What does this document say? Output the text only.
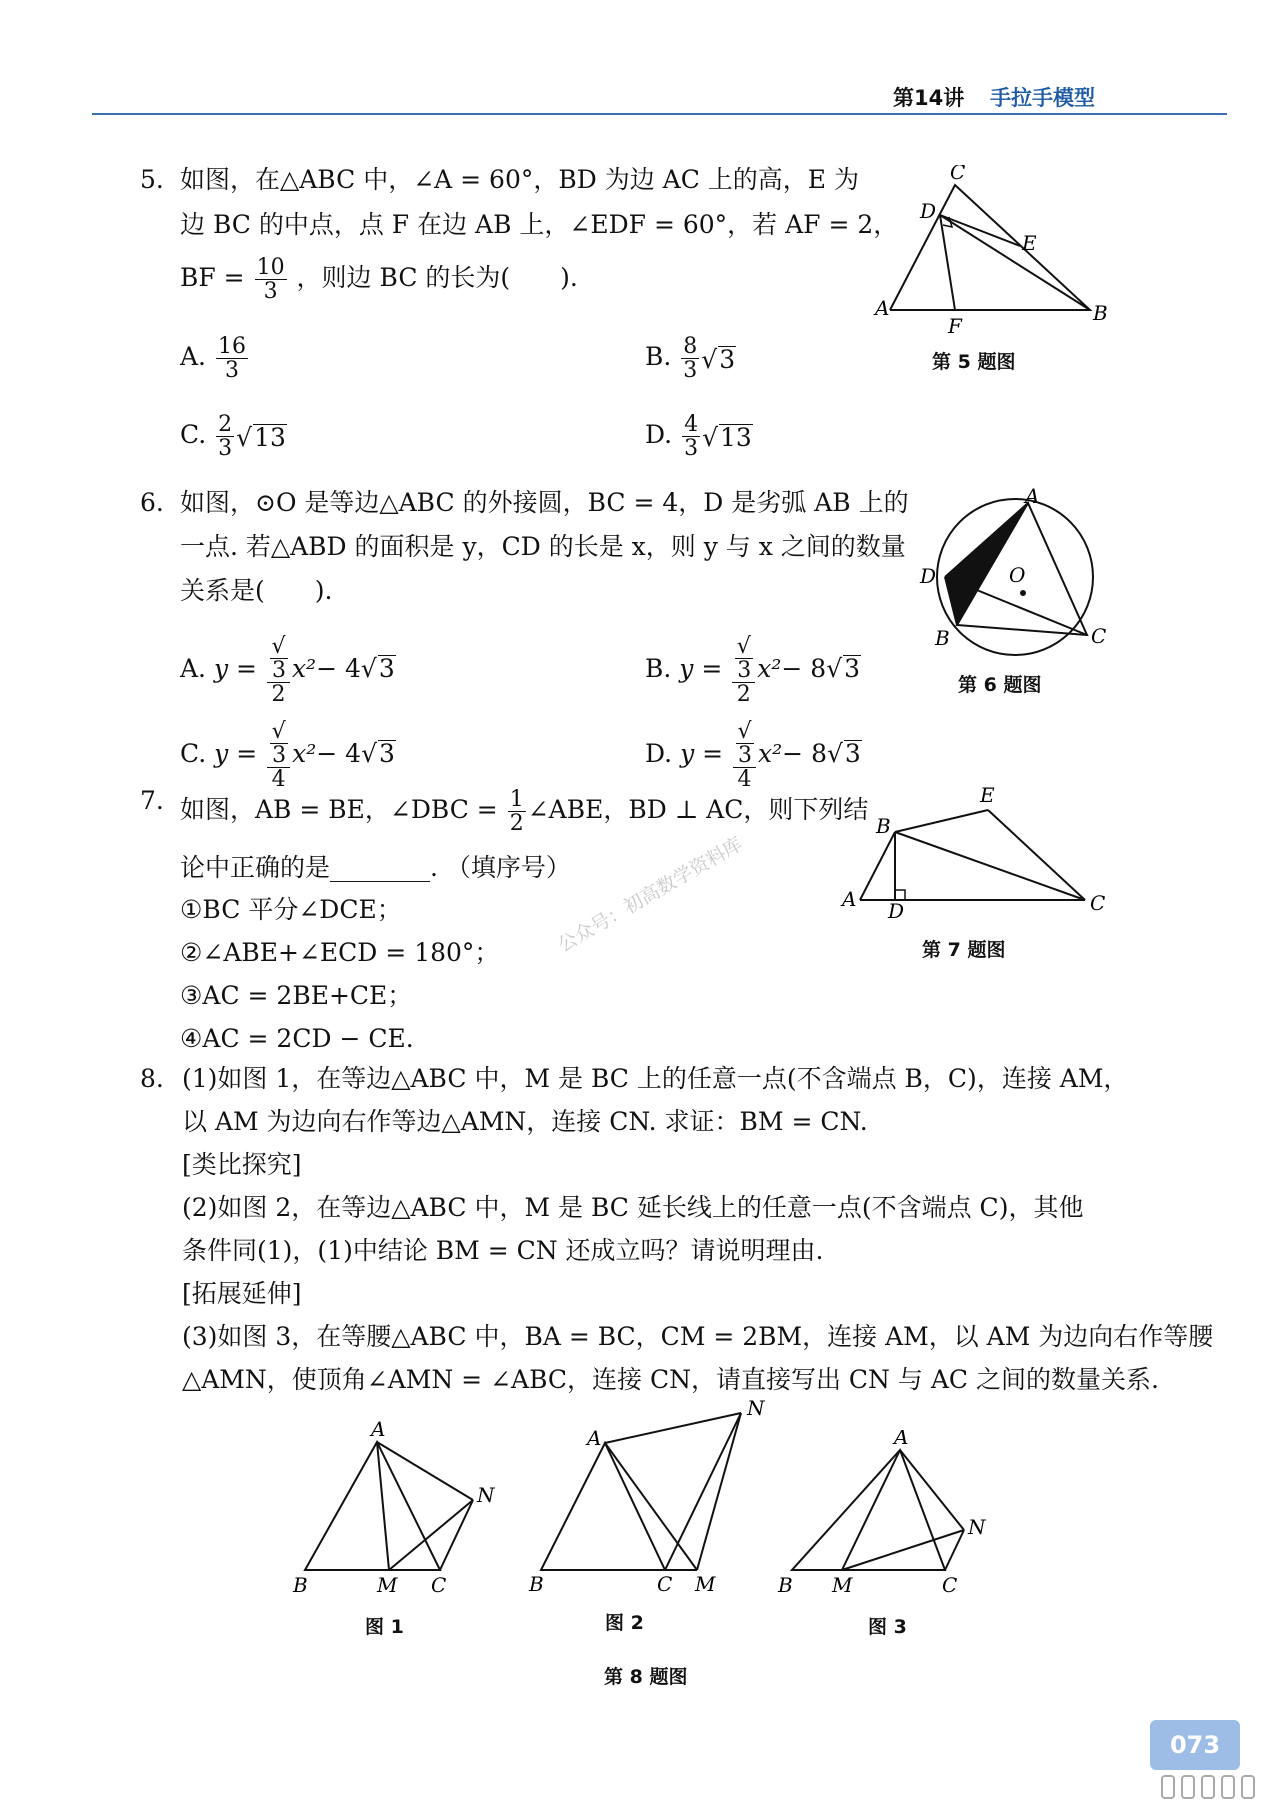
第14讲 手拉手模型
5. 如图，在△ABC 中，∠A = 60°，BD 为边 AC 上的高，E 为
边 BC 的中点，点 F 在边 AB 上，∠EDF = 60°，若 AF = 2，
BF = $\frac{10}{3}$ ，则边 BC 的长为(　　).
A. $\frac{16}{3}$	B. $\frac{8}{3} √3$
C. $\frac{2}{3} √13$	D. $\frac{4}{3} √13$
C
D
E
A
F
B
第 5 题图
6. 如图，⊙O 是等边△ABC 的外接圆，BC = 4，D 是劣弧 AB 上的
一点. 若△ABD 的面积是 y，CD 的长是 x，则 y 与 x 之间的数量
关系是(　　).
A. y = √
3
2 x²− 4√3	B. y = √
3
2 x²− 8√3
C. y = √
3
4 x²− 4√3	D. y = √
3
4 x²− 8√3
A
D	O
B	C
第 6 题图
7. 如图，AB = BE，∠DBC = $\frac{1}{2}$ ∠ABE，BD ⊥ AC，则下列结
论中正确的是________. （填序号）
①BC 平分∠DCE；
②∠ABE+∠ECD = 180°；
③AC = 2BE+CE；
④AC = 2CD − CE.
E
B
A D	C
第 7 题图
公众号：初高数学资料库
8. (1)如图 1，在等边△ABC 中，M 是 BC 上的任意一点(不含端点 B，C)，连接 AM，
以 AM 为边向右作等边△AMN，连接 CN. 求证：BM = CN.
[类比探究]
(2)如图 2，在等边△ABC 中，M 是 BC 延长线上的任意一点(不含端点 C)，其他
条件同(1)，(1)中结论 BM = CN 还成立吗？请说明理由.
[拓展延伸]
(3)如图 3，在等腰△ABC 中，BA = BC，CM = 2BM，连接 AM，以 AM 为边向右作等腰
△AMN，使顶角∠AMN = ∠ABC，连接 CN，请直接写出 CN 与 AC 之间的数量关系.
A
B	M C
N
图 1
A
B	C M
N
图 2
A
B M	C
N
图 3
第 8 题图
073
